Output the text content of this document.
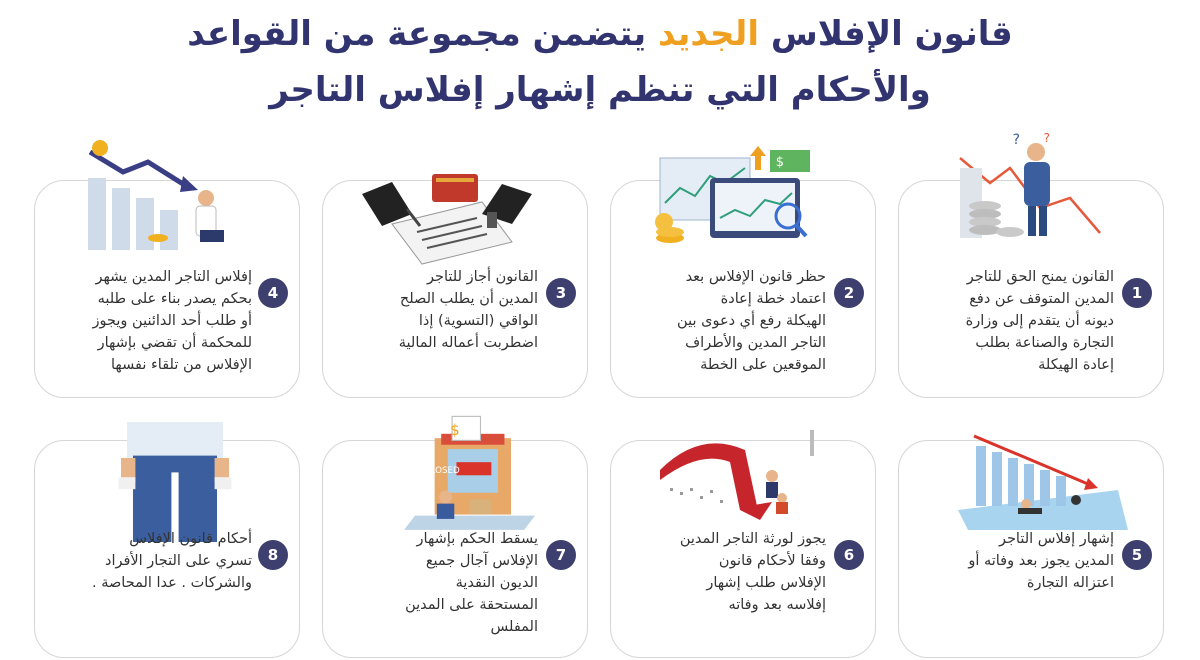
قانون الإفلاس الجديد يتضمن مجموعة من القواعد
والأحكام التي تنظم إشهار إفلاس التاجر
? ?
1
القانون يمنح الحق للتاجر
المدين المتوقف عن دفع
ديونه أن يتقدم إلى وزارة
التجارة والصناعة بطلب
إعادة الهيكلة
$
2
حظر قانون الإفلاس بعد
اعتماد خطة إعادة
الهيكلة رفع أي دعوى بين
التاجر المدين والأطراف
الموقعين على الخطة
3
القانون أجاز للتاجر
المدين أن يطلب الصلح
الواقي (التسوية) إذا
اضطربت أعماله المالية
4
إفلاس التاجر المدين يشهر
بحكم يصدر بناء على طلبه
أو طلب أحد الدائنين ويجوز
للمحكمة أن تقضي بإشهار
الإفلاس من تلقاء نفسها
5
إشهار إفلاس التاجر
المدين يجوز بعد وفاته أو
اعتزاله التجارة
6
يجوز لورثة التاجر المدين
وفقا لأحكام قانون
الإفلاس طلب إشهار
إفلاسه بعد وفاته
CLOSED
$
7
يسقط الحكم بإشهار
الإفلاس آجال جميع
الديون النقدية
المستحقة على المدين
المفلس
8
أحكام قانون الإفلاس
تسري على التجار الأفراد
والشركات . عدا المحاصة .
